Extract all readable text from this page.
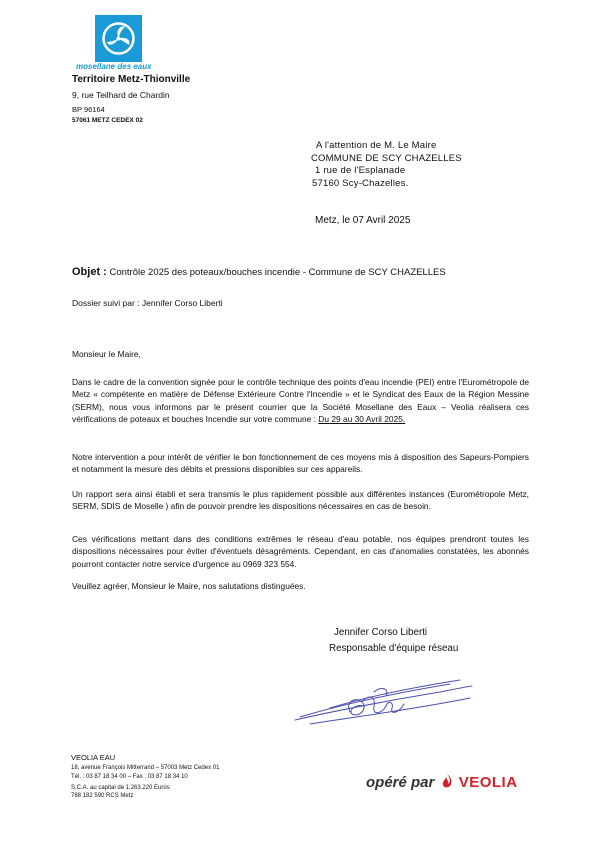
mosellane des eaux
Territoire Metz-Thionville
9, rue Teilhard de Chardin
BP 96164
57061 METZ CEDEX 02
A l'attention de M. Le Maire
COMMUNE DE SCY CHAZELLES
1 rue de l'Esplanade
57160 Scy-Chazelles.
Metz, le 07 Avril 2025
Objet : Contrôle 2025 des poteaux/bouches incendie - Commune de SCY CHAZELLES
Dossier suivi par : Jennifer Corso Liberti
Monsieur le Maire,
Dans le cadre de la convention signée pour le contrôle technique des points d'eau incendie (PEI) entre l'Eurométropole de Metz « compétente en matière de Défense Extérieure Contre l'Incendie » et le Syndicat des Eaux de la Région Messine (SERM), nous vous informons par le présent courrier que la Société Mosellane des Eaux – Veolia réalisera ces vérifications de poteaux et bouches Incendie sur votre commune : Du 29 au 30 Avril 2025.
Notre intervention a pour intérêt de vérifier le bon fonctionnement de ces moyens mis à disposition des Sapeurs-Pompiers et notamment la mesure des débits et pressions disponibles sur ces appareils.
Un rapport sera ainsi établi et sera transmis le plus rapidement possible aux différentes instances (Eurométropole Metz, SERM, SDIS de Moselle ) afin de pouvoir prendre les dispositions nécessaires en cas de besoin.
Ces vérifications mettant dans des conditions extrêmes le réseau d'eau potable, nos équipes prendront toutes les dispositions nécessaires pour éviter d'éventuels désagréments. Cependant, en cas d'anomalies constatées, les abonnés pourront contacter notre service d'urgence au 0969 323 554.
Veuillez agréer, Monsieur le Maire, nos salutations distinguées.
Jennifer Corso Liberti
Responsable d'équipe réseau
VEOLIA EAU
18, avenue François Mitterrand – 57003 Metz Cedex 01
Tél. : 03 87 18 34 00 – Fax : 03 87 18 34 10
S.C.A. au capital de 1.263.220 Euros
788 182 590 RCS Metz
opéré par VEOLIA
